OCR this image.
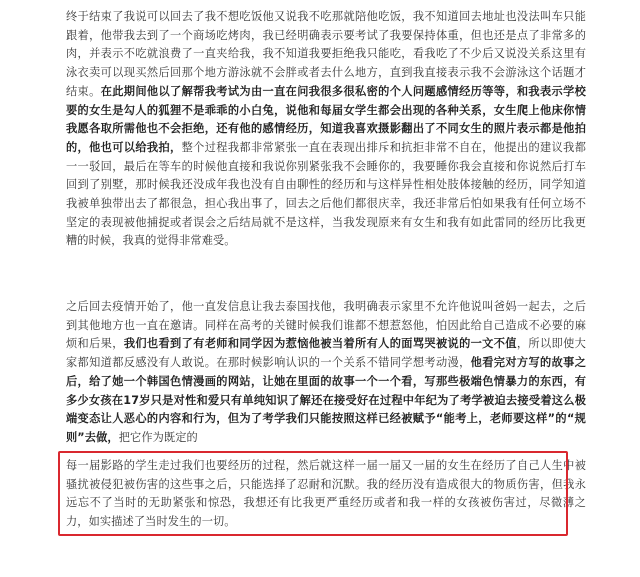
终于结束了我说可以回去了我不想吃饭他又说我不吃那就陪他吃饭，我不知道回去地址也没法叫车只能跟着，他带我去到了一个商场吃烤肉，我已经明确表示要考试了我要保持体重，但也还是点了非常多的肉，并表示不吃就浪费了一直夹给我，我不知道我要拒绝我只能吃，看我吃了不少后又说没关系这里有泳衣卖可以现买然后回那个地方游泳就不会胖或者去什么地方，直到我直接表示我不会游泳这个话题才结束。在此期间他以了解帮我考试为由一直在问我很多很私密的个人问题感情经历等等，和我表示学校要的女生是勾人的狐狸不是乖乖的小白兔，说他和每届女学生都会出现的各种关系，女生爬上他床你情我愿各取所需他也不会拒绝，还有他的感情经历，知道我喜欢摄影翻出了不同女生的照片表示都是他拍的，他也可以给我拍，整个过程我都非常紧张一直在表现出排斥和抗拒非常不自在，他提出的建议我都一一驳回，最后在等车的时候他直接和我说你别紧张我不会睡你的，我要睡你我会直接和你说然后打车回到了别墅，那时候我还没成年我也没有自由聊性的经历和与这样异性相处肢体接触的经历，同学知道我被单独带出去了都很急，担心我出事了，回去之后他们都很庆幸，我还非常后怕如果我有任何立场不坚定的表现被他捕捉或者误会之后结局就不是这样，当我发现原来有女生和我有如此雷同的经历比我更糟的时候，我真的觉得非常难受。

之后回去疫情开始了，他一直发信息让我去泰国找他，我明确表示家里不允许他说叫爸妈一起去，之后到其他地方也一直在邀请。同样在高考的关键时候我们谁都不想惹怒他，怕因此给自己造成不必要的麻烦和后果，我们也看到了有老师和同学因为惹恼他被当着所有人的面骂哭被说的一文不值，所以即使大家都知道都反感没有人敢说。在那时候影响认识的一个关系不错同学想考动漫，他看完对方写的故事之后，给了她一个韩国色情漫画的网站，让她在里面的故事一个一个看，写那些极端色情暴力的东西，有多少女孩在17岁只是对性和爱只有单纯知识了解还在接受好在过程中年纪为了考学被迫去接受着这么极端变态让人恶心的内容和行为，但为了考学我们只能按照这样已经被赋予“能考上，老师要这样”的“规则”去做，把它作为既定的

每一届影路的学生走过我们也要经历的过程，然后就这样一届一届又一届的女生在经历了自己人生中被骚扰被侵犯被伤害的这些事之后，只能选择了忍耐和沉默。我的经历没有造成很大的物质伤害，但我永远忘不了当时的无助紧张和惊恐，我想还有比我更严重经历或者和我一样的女孩被伤害过，尽微薄之力，如实描述了当时发生的一切。
